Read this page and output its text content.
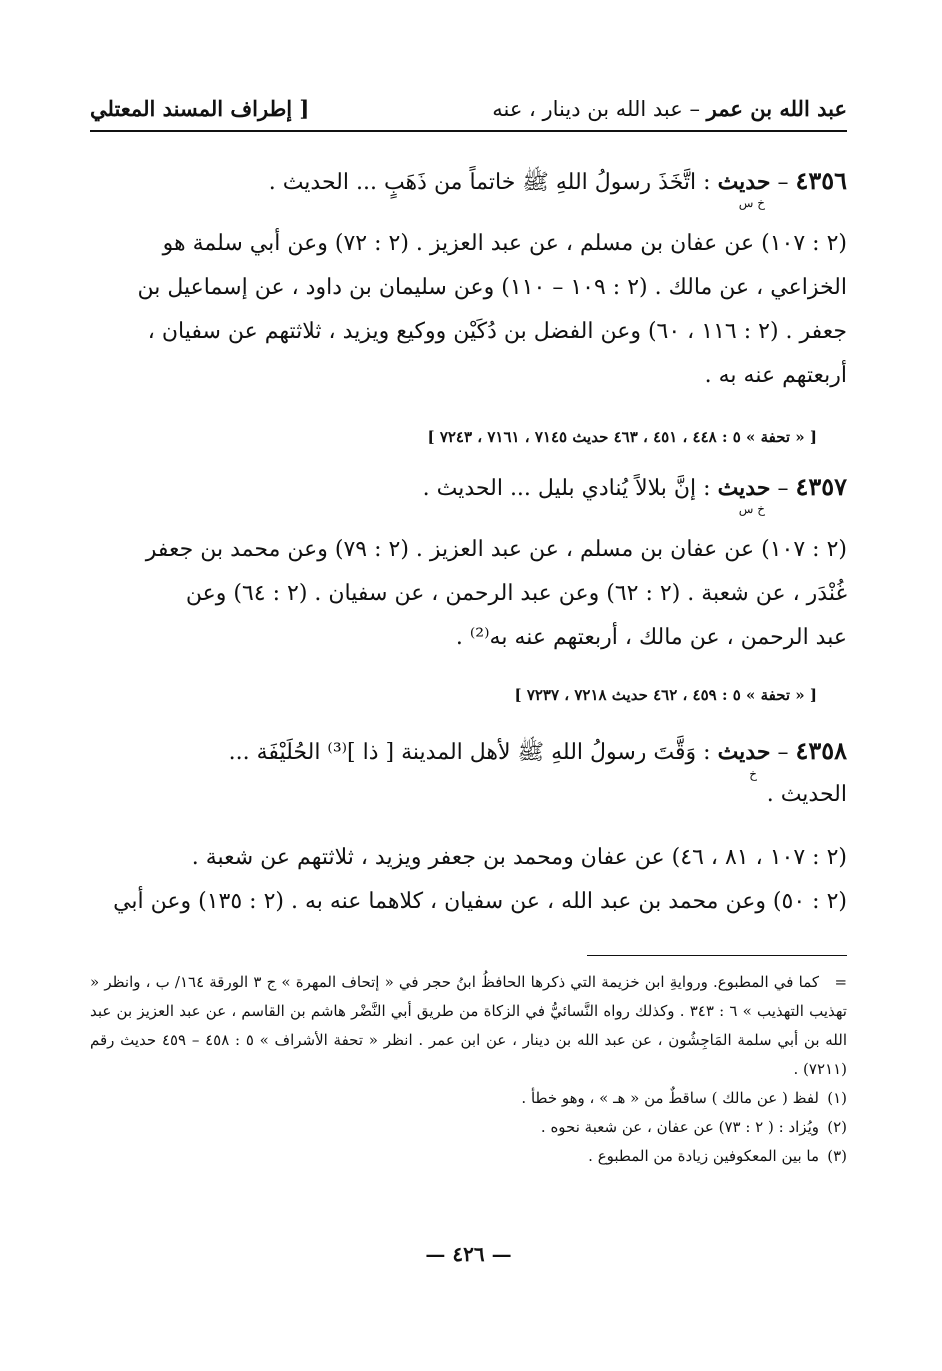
عبد الله بن عمر – عبد الله بن دينار ، عنه
[ إطراف المسند المعتلي
٤٣٥٦ – حديث : اتَّخَذَ رسولُ اللهِ ﷺ خاتماً من ذَهَبٍ ... الحديث .
خ س
(٢ : ١٠٧) عن عفان بن مسلم ، عن عبد العزيز . (٢ : ٧٢) وعن أبي سلمة هو
الخزاعي ، عن مالك . (٢ : ١٠٩ – ١١٠) وعن سليمان بن داود ، عن إسماعيل بن
جعفر . (٢ : ١١٦ ، ٦٠) وعن الفضل بن دُكَيْن ووكيع ويزيد ، ثلاثتهم عن سفيان ،
أربعتهم عنه به .
[ « تحفة » ٥ : ٤٤٨ ، ٤٥١ ، ٤٦٣ حديث ٧١٤٥ ، ٧١٦١ ، ٧٢٤٣ ]
٤٣٥٧ – حديث : إنَّ بلالاً يُنادي بليل ... الحديث .
خ س
(٢ : ١٠٧) عن عفان بن مسلم ، عن عبد العزيز . (٢ : ٧٩) وعن محمد بن جعفر
غُنْدَر ، عن شعبة . (٢ : ٦٢) وعن عبد الرحمن ، عن سفيان . (٢ : ٦٤) وعن
عبد الرحمن ، عن مالك ، أربعتهم عنه به⁽²⁾ .
[ « تحفة » ٥ : ٤٥٩ ، ٤٦٢ حديث ٧٢١٨ ، ٧٢٣٧ ]
٤٣٥٨ – حديث : وَقَّتَ رسولُ اللهِ ﷺ لأهل المدينة [ ذا ]⁽³⁾ الحُلَيْفَة ...
الحديث .
خ
(٢ : ١٠٧ ، ٨١ ، ٤٦) عن عفان ومحمد بن جعفر ويزيد ، ثلاثتهم عن شعبة .
(٢ : ٥٠) وعن محمد بن عبد الله ، عن سفيان ، كلاهما عنه به . (٢ : ١٣٥) وعن أبي

=كما في المطبوع. وروايةِ ابن خزيمة التي ذكرها الحافظُ ابنُ حجر في « إتحاف المهرة » ج ٣ الورقة ١٦٤/ ب ، وانظر « تهذيب التهذيب » ٦ : ٣٤٣ . وكذلك رواه النَّسائيُّ في الزكاة من طريق أبي النَّضْر هاشم بن القاسم ، عن عبد العزيز بن عبد الله بن أبي سلمة المَاجِشُون ، عن عبد الله بن دينار ، عن ابن عمر . انظر « تحفة الأشراف » ٥ : ٤٥٨ – ٤٥٩ حديث رقم (٧٢١١) .

(١)لفظ ( عن مالك ) ساقطٌ من « هـ » ، وهو خطأ .

(٢)ويُزاد : ( ٢ : ٧٣) عن عفان ، عن شعبة نحوه .

(٣)ما بين المعكوفين زيادة من المطبوع .

— ٤٢٦ —
